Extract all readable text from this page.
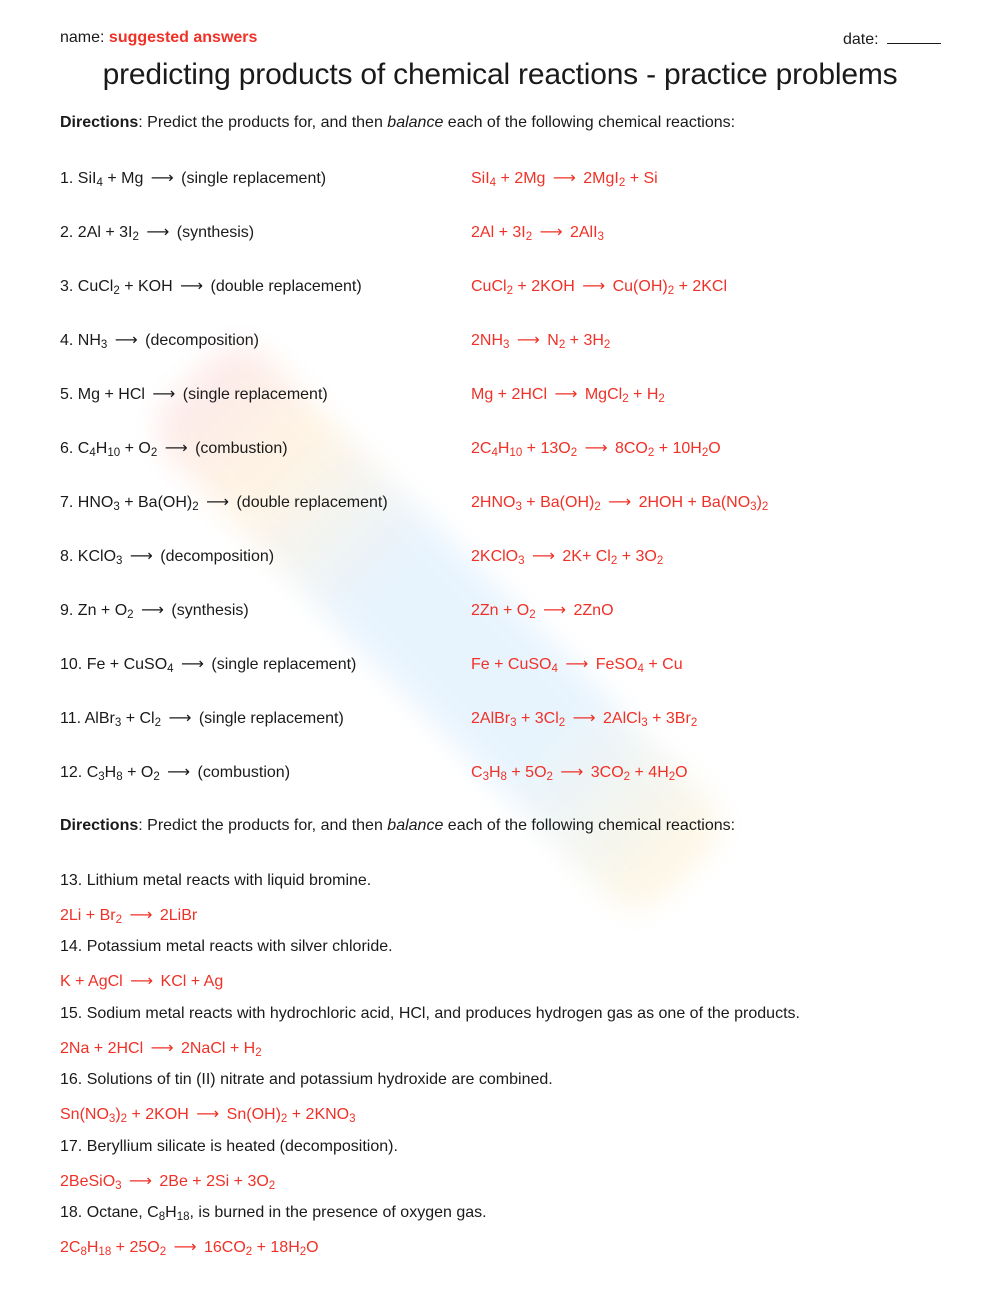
name: suggested answers	date:
predicting products of chemical reactions - practice problems
Directions: Predict the products for, and then balance each of the following chemical reactions:
1. SiI$_4$ + Mg ⟶ (single replacement)	SiI$_4$ + 2Mg ⟶ 2MgI$_2$ + Si
2. $2Al + 3I_2$ ⟶ (synthesis)	$2Al + 3I_2$ ⟶ 2AlI$_3$
3. CuCl$_2$ + KOH ⟶ (double replacement)	CuCl$_2$ + 2KOH ⟶ $Cu(OH)_2 + 2KCl$
4. $NH_3$ ⟶ (decomposition)	$2NH_3$ ⟶ $N_2 + 3H_2$
5. Mg + HCl ⟶ (single replacement)	Mg + 2HCl ⟶ MgCl$_2$ + $H_2$
6. $C_4H_{10} + O_2$ ⟶ (combustion)	$2C_4H_{10} + 13O_2$ ⟶ $8CO_2 + 10H_2O$
7. $HNO_3 + Ba(OH)_2$ ⟶ (double replacement)	$2HNO_3 + Ba(OH)_2$ ⟶ $2HOH + Ba(NO_3)_2$
8. KClO$_3$ ⟶ (decomposition)	2KClO$_3$ ⟶ $2K+ Cl_2 + 3O_2$
9. $Zn + O_2$ ⟶ (synthesis)	$2Zn + O_2$ ⟶ 2ZnO
10. Fe + CuSO$_4$ ⟶ (single replacement)	Fe + CuSO$_4$ ⟶ FeSO$_4$ + Cu
11. AlBr$_3$ + $Cl_2$ ⟶ (single replacement)	2AlBr$_3$ + $3Cl_2$ ⟶ 2AlCl$_3$ + $3Br_2$
12. $C_3H_8 + O_2$ ⟶ (combustion)	$C_3H_8 + 5O_2$ ⟶ $3CO_2 + 4H_2O$
Directions: Predict the products for, and then balance each of the following chemical reactions:
13. Lithium metal reacts with liquid bromine.
$2Li + Br_2$ ⟶ 2LiBr
14. Potassium metal reacts with silver chloride.
K + AgCl ⟶ KCl + Ag
15. Sodium metal reacts with hydrochloric acid, HCl, and produces hydrogen gas as one of the products.
2Na + 2HCl ⟶ 2NaCl + $H_2$
16. Solutions of tin (II) nitrate and potassium hydroxide are combined.
$Sn(NO_3)_2 + 2KOH$ ⟶ $Sn(OH)_2 + 2KNO_3$
17. Beryllium silicate is heated (decomposition).
2BeSiO$_3$ ⟶ $2Be + 2Si + 3O_2$
18. Octane, $C_8H_{18}$, is burned in the presence of oxygen gas.
$2C_8H_{18} + 25O_2$ ⟶ $16CO_2 + 18H_2O$
